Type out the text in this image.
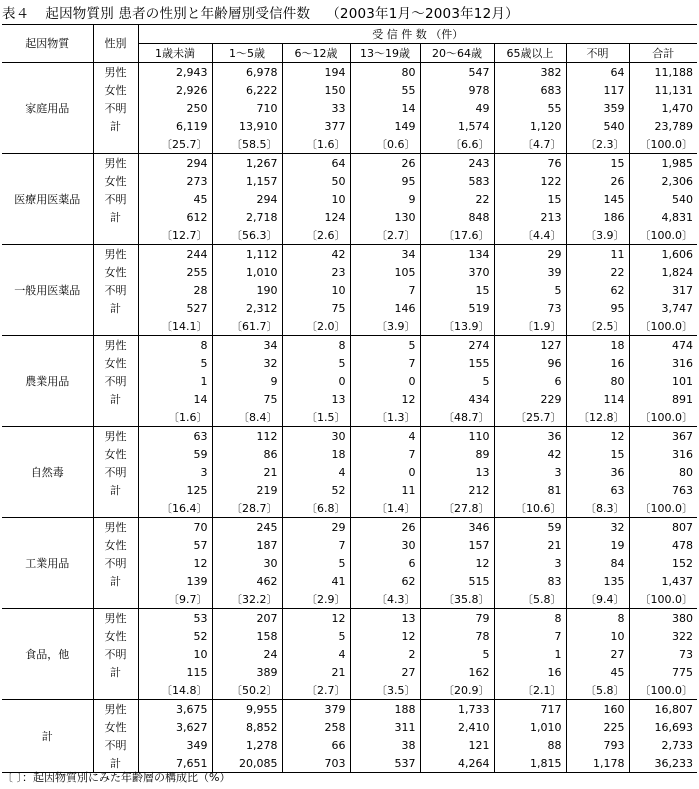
表４ 起因物質別 患者の性別と年齢層別受信件数 （2003年1月～2003年12月）
起因物質	性別	受 信 件 数 （件）							
		1歳未満	1～5歳	6～12歳	13～19歳	20～64歳	65歳以上	不明	合計
家庭用品	男性	2,943	6,978	194	80	547	382	64	11,188
	女性	2,926	6,222	150	55	978	683	117	11,131
	不明	250	710	33	14	49	55	359	1,470
	計	6,119	13,910	377	149	1,574	1,120	540	23,789
		〔25.7〕	〔58.5〕	〔1.6〕	〔0.6〕	〔6.6〕	〔4.7〕	〔2.3〕	〔100.0〕
医療用医薬品	男性	294	1,267	64	26	243	76	15	1,985
	女性	273	1,157	50	95	583	122	26	2,306
	不明	45	294	10	9	22	15	145	540
	計	612	2,718	124	130	848	213	186	4,831
		〔12.7〕	〔56.3〕	〔2.6〕	〔2.7〕	〔17.6〕	〔4.4〕	〔3.9〕	〔100.0〕
一般用医薬品	男性	244	1,112	42	34	134	29	11	1,606
	女性	255	1,010	23	105	370	39	22	1,824
	不明	28	190	10	7	15	5	62	317
	計	527	2,312	75	146	519	73	95	3,747
		〔14.1〕	〔61.7〕	〔2.0〕	〔3.9〕	〔13.9〕	〔1.9〕	〔2.5〕	〔100.0〕
農業用品	男性	8	34	8	5	274	127	18	474
	女性	5	32	5	7	155	96	16	316
	不明	1	9	0	0	5	6	80	101
	計	14	75	13	12	434	229	114	891
		〔1.6〕	〔8.4〕	〔1.5〕	〔1.3〕	〔48.7〕	〔25.7〕	〔12.8〕	〔100.0〕
自然毒	男性	63	112	30	4	110	36	12	367
	女性	59	86	18	7	89	42	15	316
	不明	3	21	4	0	13	3	36	80
	計	125	219	52	11	212	81	63	763
		〔16.4〕	〔28.7〕	〔6.8〕	〔1.4〕	〔27.8〕	〔10.6〕	〔8.3〕	〔100.0〕
工業用品	男性	70	245	29	26	346	59	32	807
	女性	57	187	7	30	157	21	19	478
	不明	12	30	5	6	12	3	84	152
	計	139	462	41	62	515	83	135	1,437
		〔9.7〕	〔32.2〕	〔2.9〕	〔4.3〕	〔35.8〕	〔5.8〕	〔9.4〕	〔100.0〕
食品，他	男性	53	207	12	13	79	8	8	380
	女性	52	158	5	12	78	7	10	322
	不明	10	24	4	2	5	1	27	73
	計	115	389	21	27	162	16	45	775
		〔14.8〕	〔50.2〕	〔2.7〕	〔3.5〕	〔20.9〕	〔2.1〕	〔5.8〕	〔100.0〕
計	男性	3,675	9,955	379	188	1,733	717	160	16,807
	女性	3,627	8,852	258	311	2,410	1,010	225	16,693
	不明	349	1,278	66	38	121	88	793	2,733
	計	7,651	20,085	703	537	4,264	1,815	1,178	36,233
〔 〕：起因物質別にみた年齢層の構成比（%）
